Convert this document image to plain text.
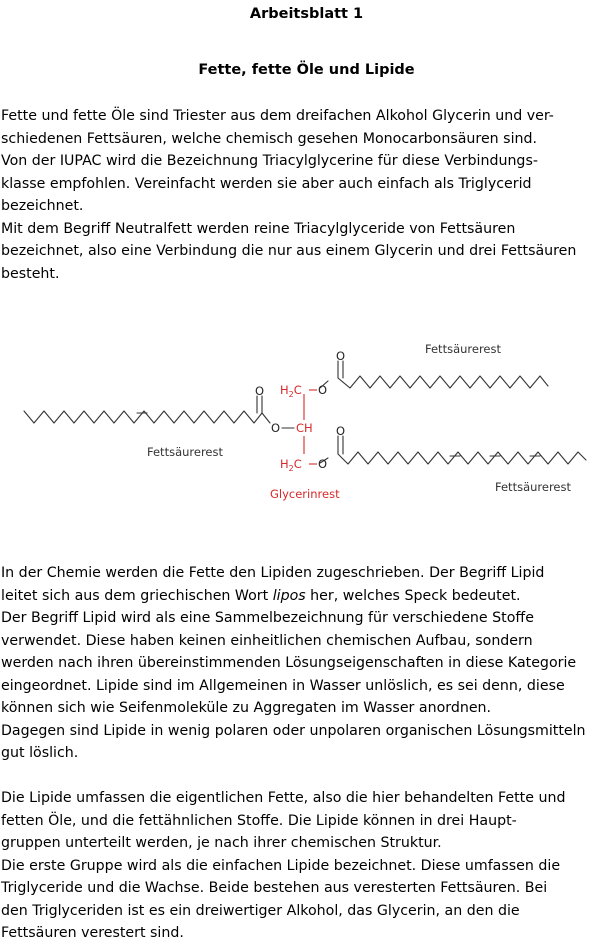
Arbeitsblatt 1
Fette, fette Öle und Lipide

Fette und fette Öle sind Triester aus dem dreifachen Alkohol Glycerin und ver-
schiedenen Fettsäuren, welche chemisch gesehen Monocarbonsäuren sind.
Von der IUPAC wird die Bezeichnung Triacylglycerine für diese Verbindungs-
klasse empfohlen. Vereinfacht werden sie aber auch einfach als Triglycerid
bezeichnet.
Mit dem Begriff Neutralfett werden reine Triacylglyceride von Fettsäuren
bezeichnet, also eine Verbindung die nur aus einem Glycerin und drei Fettsäuren
besteht.

O
O
O
O
O
O
$H_2C$
CH
$H_2C$
Fettsäurerest
Fettsäurerest
Fettsäurerest
Glycerinrest

In der Chemie werden die Fette den Lipiden zugeschrieben. Der Begriff Lipid
leitet sich aus dem griechischen Wort lipos her, welches Speck bedeutet.
Der Begriff Lipid wird als eine Sammelbezeichnung für verschiedene Stoffe
verwendet. Diese haben keinen einheitlichen chemischen Aufbau, sondern
werden nach ihren übereinstimmenden Lösungseigenschaften in diese Kategorie
eingeordnet. Lipide sind im Allgemeinen in Wasser unlöslich, es sei denn, diese
können sich wie Seifenmoleküle zu Aggregaten im Wasser anordnen.
Dagegen sind Lipide in wenig polaren oder unpolaren organischen Lösungsmitteln
gut löslich.

Die Lipide umfassen die eigentlichen Fette, also die hier behandelten Fette und
fetten Öle, und die fettähnlichen Stoffe. Die Lipide können in drei Haupt-
gruppen unterteilt werden, je nach ihrer chemischen Struktur.
Die erste Gruppe wird als die einfachen Lipide bezeichnet. Diese umfassen die
Triglyceride und die Wachse. Beide bestehen aus veresterten Fettsäuren. Bei
den Triglyceriden ist es ein dreiwertiger Alkohol, das Glycerin, an den die
Fettsäuren verestert sind.
